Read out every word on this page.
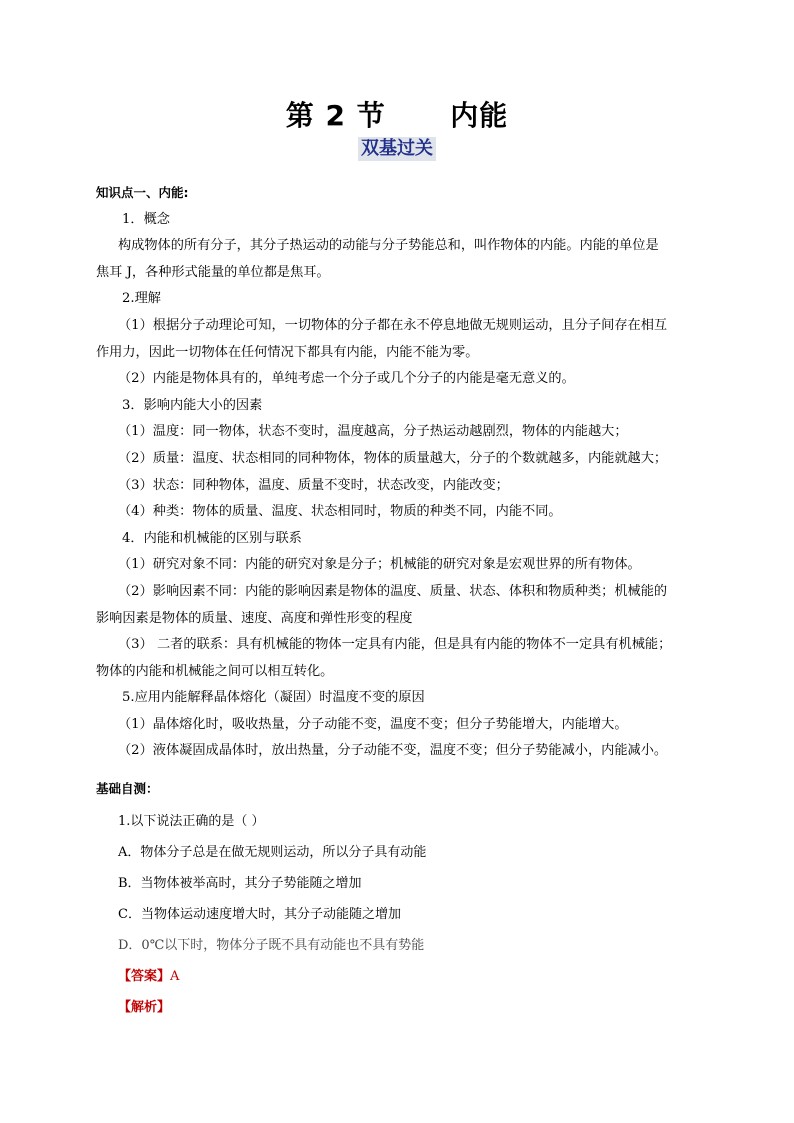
第 2 节      内能
双基过关
知识点一、内能:
1．概念
构成物体的所有分子，其分子热运动的动能与分子势能总和，叫作物体的内能。内能的单位是
焦耳 J，各种形式能量的单位都是焦耳。
2.理解
（1）根据分子动理论可知，一切物体的分子都在永不停息地做无规则运动，且分子间存在相互
作用力，因此一切物体在任何情况下都具有内能，内能不能为零。
（2）内能是物体具有的，单纯考虑一个分子或几个分子的内能是毫无意义的。
3．影响内能大小的因素
（1）温度：同一物体，状态不变时，温度越高，分子热运动越剧烈，物体的内能越大；
（2）质量：温度、状态相同的同种物体，物体的质量越大，分子的个数就越多，内能就越大；
（3）状态：同种物体，温度、质量不变时，状态改变，内能改变；
（4）种类：物体的质量、温度、状态相同时，物质的种类不同，内能不同。
4．内能和机械能的区别与联系
（1）研究对象不同：内能的研究对象是分子；机械能的研究对象是宏观世界的所有物体。
（2）影响因素不同：内能的影响因素是物体的温度、质量、状态、体积和物质种类；机械能的
影响因素是物体的质量、速度、高度和弹性形变的程度
（3） 二者的联系：具有机械能的物体一定具有内能，但是具有内能的物体不一定具有机械能；
物体的内能和机械能之间可以相互转化。
5.应用内能解释晶体熔化（凝固）时温度不变的原因
（1）晶体熔化时，吸收热量，分子动能不变，温度不变；但分子势能增大，内能增大。
（2）液体凝固成晶体时，放出热量，分子动能不变，温度不变；但分子势能减小，内能减小。
基础自测：
1.以下说法正确的是（ ）
A．物体分子总是在做无规则运动，所以分子具有动能
B．当物体被举高时，其分子势能随之增加
C．当物体运动速度增大时，其分子动能随之增加
D．0℃以下时，物体分子既不具有动能也不具有势能
【答案】A
【解析】
